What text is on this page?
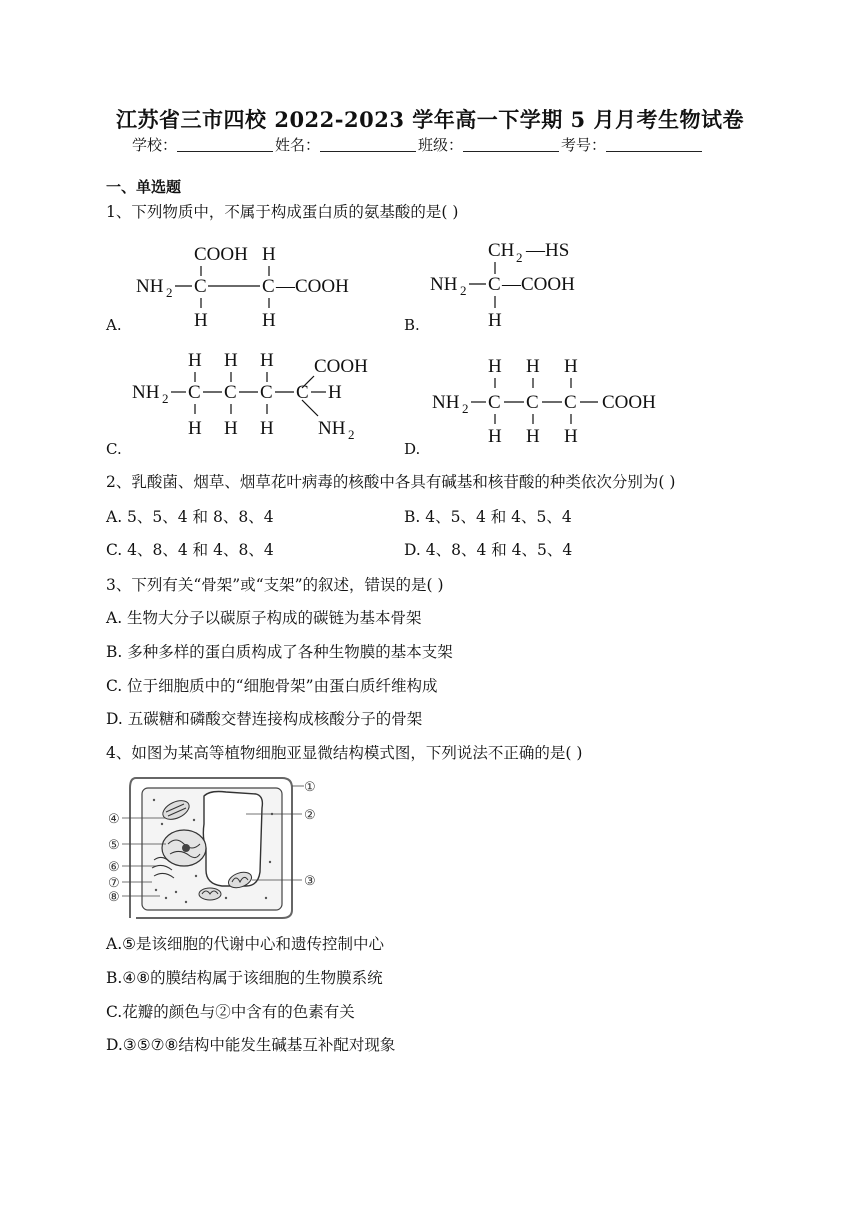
江苏省三市四校 2022-2023 学年高一下学期 5 月月考生物试卷
学校：	姓名：	班级：	考号：
一、单选题
1、下列物质中，不属于构成蛋白质的氨基酸的是( )
COOH H
NH 2 C	C —COOH
H	H
A.
CH 2 —HS
NH 2 C —COOH
H
B.
H H H COOH
NH 2 C C C C H
H H H NH 2
C.
H H H
NH 2 C C C COOH
H H H
D.
2、乳酸菌、烟草、烟草花叶病毒的核酸中各具有碱基和核苷酸的种类依次分别为( )
A. 5、5、4 和 8、8、4	B. 4、5、4 和 4、5、4
C. 4、8、4 和 4、8、4	D. 4、8、4 和 4、5、4
3、下列有关“骨架”或“支架”的叙述，错误的是( )
A. 生物大分子以碳原子构成的碳链为基本骨架
B. 多种多样的蛋白质构成了各种生物膜的基本支架
C. 位于细胞质中的“细胞骨架”由蛋白质纤维构成
D. 五碳糖和磷酸交替连接构成核酸分子的骨架
4、如图为某高等植物细胞亚显微结构模式图，下列说法不正确的是( )
①
②
③
④
⑤
⑥
⑦
⑧
A.⑤是该细胞的代谢中心和遗传控制中心
B.④⑧的膜结构属于该细胞的生物膜系统
C.花瓣的颜色与②中含有的色素有关
D.③⑤⑦⑧结构中能发生碱基互补配对现象
